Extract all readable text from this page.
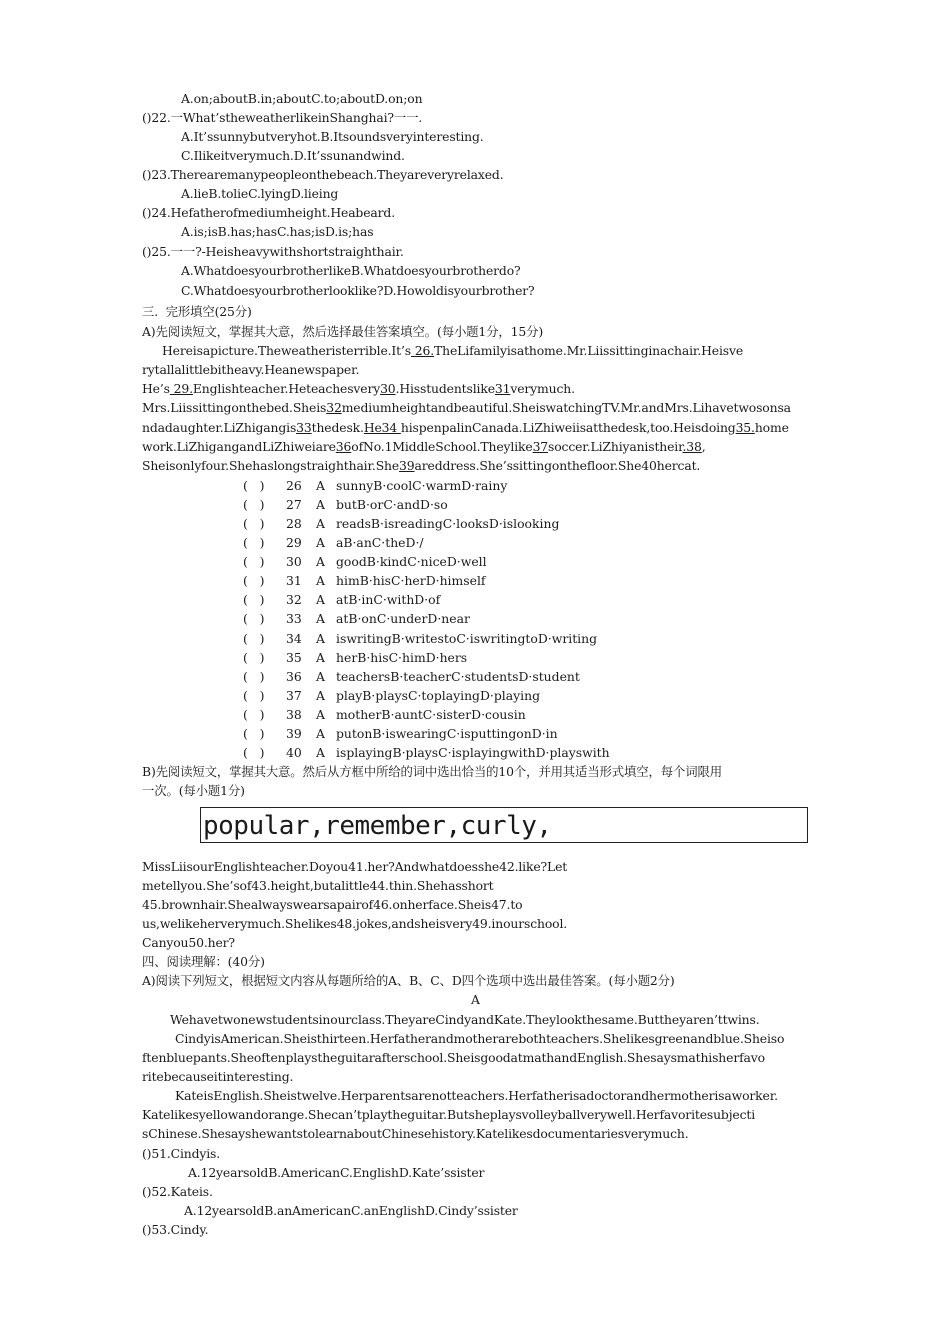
A.on;aboutB.in;aboutC.to;aboutD.on;on
()22.一What’stheweatherlikeinShanghai?一一.
A.It’ssunnybutveryhot.B.Itsoundsveryinteresting.
C.Ilikeitverymuch.D.It’ssunandwind.
()23.Therearemanypeopleonthebeach.Theyareveryrelaxed.
A.lieB.tolieC.lyingD.lieing
()24.Hefatherofmediumheight.Heabeard.
A.is;isB.has;hasC.has;isD.is;has
()25.一一?-Heisheavywithshortstraighthair.
A.WhatdoesyourbrotherlikeB.Whatdoesyourbrotherdo?
C.Whatdoesyourbrotherlooklike?D.Howoldisyourbrother?
三.  完形填空(25分)
A)先阅读短文，掌握其大意，然后选择最佳答案填空。(每小题1分，15分)
Hereisapicture.Theweatheristerrible.It’s 26.TheLifamilyisathome.Mr.Liissittinginachair.Heisve
rytallalittlebitheavy.Heanewspaper.
He’s 29.Englishteacher.Heteachesvery30.Hisstudentslike31verymuch.
Mrs.Liissittingonthebed.Sheis32mediumheightandbeautiful.SheiswatchingTV.Mr.andMrs.Lihavetwosonsa
ndadaughter.LiZhigangis33thedesk.He34 hispenpalinCanada.LiZhiweiisatthedesk,too.Heisdoing35.home
work.LiZhigangandLiZhiweiare36ofNo.1MiddleSchool.Theylike37soccer.LiZhiyanistheir.38,
Sheisonlyfour.Shehaslongstraighthair.She39areddress.She’ssittingonthefloor.She40hercat.
(   ) 26 A sunnyB·coolC·warmD·rainy
(   ) 27 A butB·orC·andD·so
(   ) 28 A readsB·isreadingC·looksD·islooking
(   ) 29 A aB·anC·theD·/
(   ) 30 A goodB·kindC·niceD·well
(   ) 31 A himB·hisC·herD·himself
(   ) 32 A atB·inC·withD·of
(   ) 33 A atB·onC·underD·near
(   ) 34 A iswritingB·writestoC·iswritingtoD·writing
(   ) 35 A herB·hisC·himD·hers
(   ) 36 A teachersB·teacherC·studentsD·student
(   ) 37 A playB·playsC·toplayingD·playing
(   ) 38 A motherB·auntC·sisterD·cousin
(   ) 39 A putonB·iswearingC·isputtingonD·in
(   ) 40 A isplayingB·playsC·isplayingwithD·playswith
B)先阅读短文，掌握其大意。然后从方框中所给的词中选出恰当的10个，并用其适当形式填空，每个词限用
一次。(每小题1分)
popular,remember,curly,
MissLiisourEnglishteacher.Doyou41.her?Andwhatdoesshe42.like?Let
metellyou.She’sof43.height,butalittle44.thin.Shehasshort
45.brownhair.Shealwayswearsapairof46.onherface.Sheis47.to
us,welikeherverymuch.Shelikes48.jokes,andsheisvery49.inourschool.
Canyou50.her?
四、阅读理解：(40分)
A)阅读下列短文，根据短文内容从每题所给的A、B、C、D四个选项中选出最佳答案。(每小题2分)
A
Wehavetwonewstudentsinourclass.TheyareCindyandKate.Theylookthesame.Buttheyaren’ttwins.
CindyisAmerican.Sheisthirteen.Herfatherandmotherarebothteachers.Shelikesgreenandblue.Sheiso
ftenbluepants.Sheoftenplaystheguitarafterschool.SheisgoodatmathandEnglish.Shesaysmathisherfavo
ritebecauseitinteresting.
KateisEnglish.Sheistwelve.Herparentsarenotteachers.Herfatherisadoctorandhermotherisaworker.
Katelikesyellowandorange.Shecan’tplaytheguitar.Butsheplaysvolleyballverywell.Herfavoritesubjecti
sChinese.ShesayshewantstolearnaboutChinesehistory.Katelikesdocumentariesverymuch.
()51.Cindyis.
A.12yearsoldB.AmericanC.EnglishD.Kate’ssister
()52.Kateis.
A.12yearsoldB.anAmericanC.anEnglishD.Cindy’ssister
()53.Cindy.
